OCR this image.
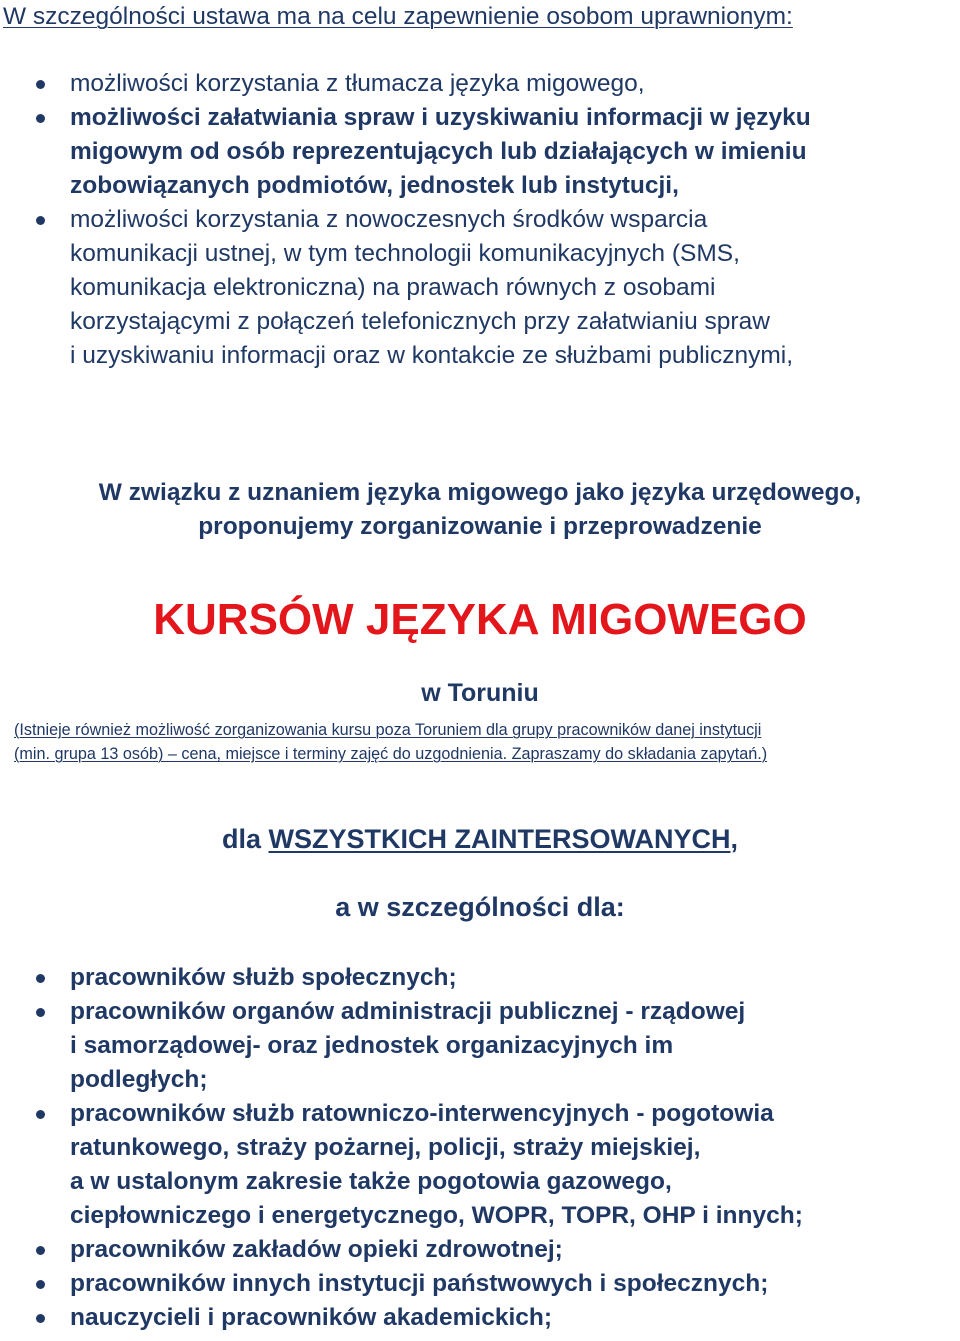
W szczególności ustawa ma na celu zapewnienie osobom uprawnionym:

możliwości korzystania z tłumacza języka migowego,
możliwości załatwiania spraw i uzyskiwaniu informacji w języku
migowym od osób reprezentujących lub działających w imieniu
zobowiązanych podmiotów, jednostek lub instytucji,
możliwości korzystania z nowoczesnych środków wsparcia
komunikacji ustnej, w tym technologii komunikacyjnych (SMS,
komunikacja elektroniczna) na prawach równych z osobami
korzystającymi z połączeń telefonicznych przy załatwianiu spraw
i uzyskiwaniu informacji oraz w kontakcie ze służbami publicznymi,

W związku z uznaniem języka migowego jako języka urzędowego,
proponujemy zorganizowanie i przeprowadzenie

KURSÓW JĘZYKA MIGOWEGO

w Toruniu

(Istnieje również możliwość zorganizowania kursu poza Toruniem dla grupy pracowników danej instytucji
(min. grupa 13 osób) – cena, miejsce i terminy zajęć do uzgodnienia. Zapraszamy do składania zapytań.)

dla WSZYSTKICH ZAINTERSOWANYCH,

a w szczególności dla:

pracowników służb społecznych;
pracowników organów administracji publicznej - rządowej
i samorządowej- oraz jednostek organizacyjnych im
podległych;
pracowników służb ratowniczo-interwencyjnych - pogotowia
ratunkowego, straży pożarnej, policji, straży miejskiej,
a w ustalonym zakresie także pogotowia gazowego,
ciepłowniczego i energetycznego, WOPR, TOPR, OHP i innych;
pracowników zakładów opieki zdrowotnej;
pracowników innych instytucji państwowych i społecznych;
nauczycieli i pracowników akademickich;
